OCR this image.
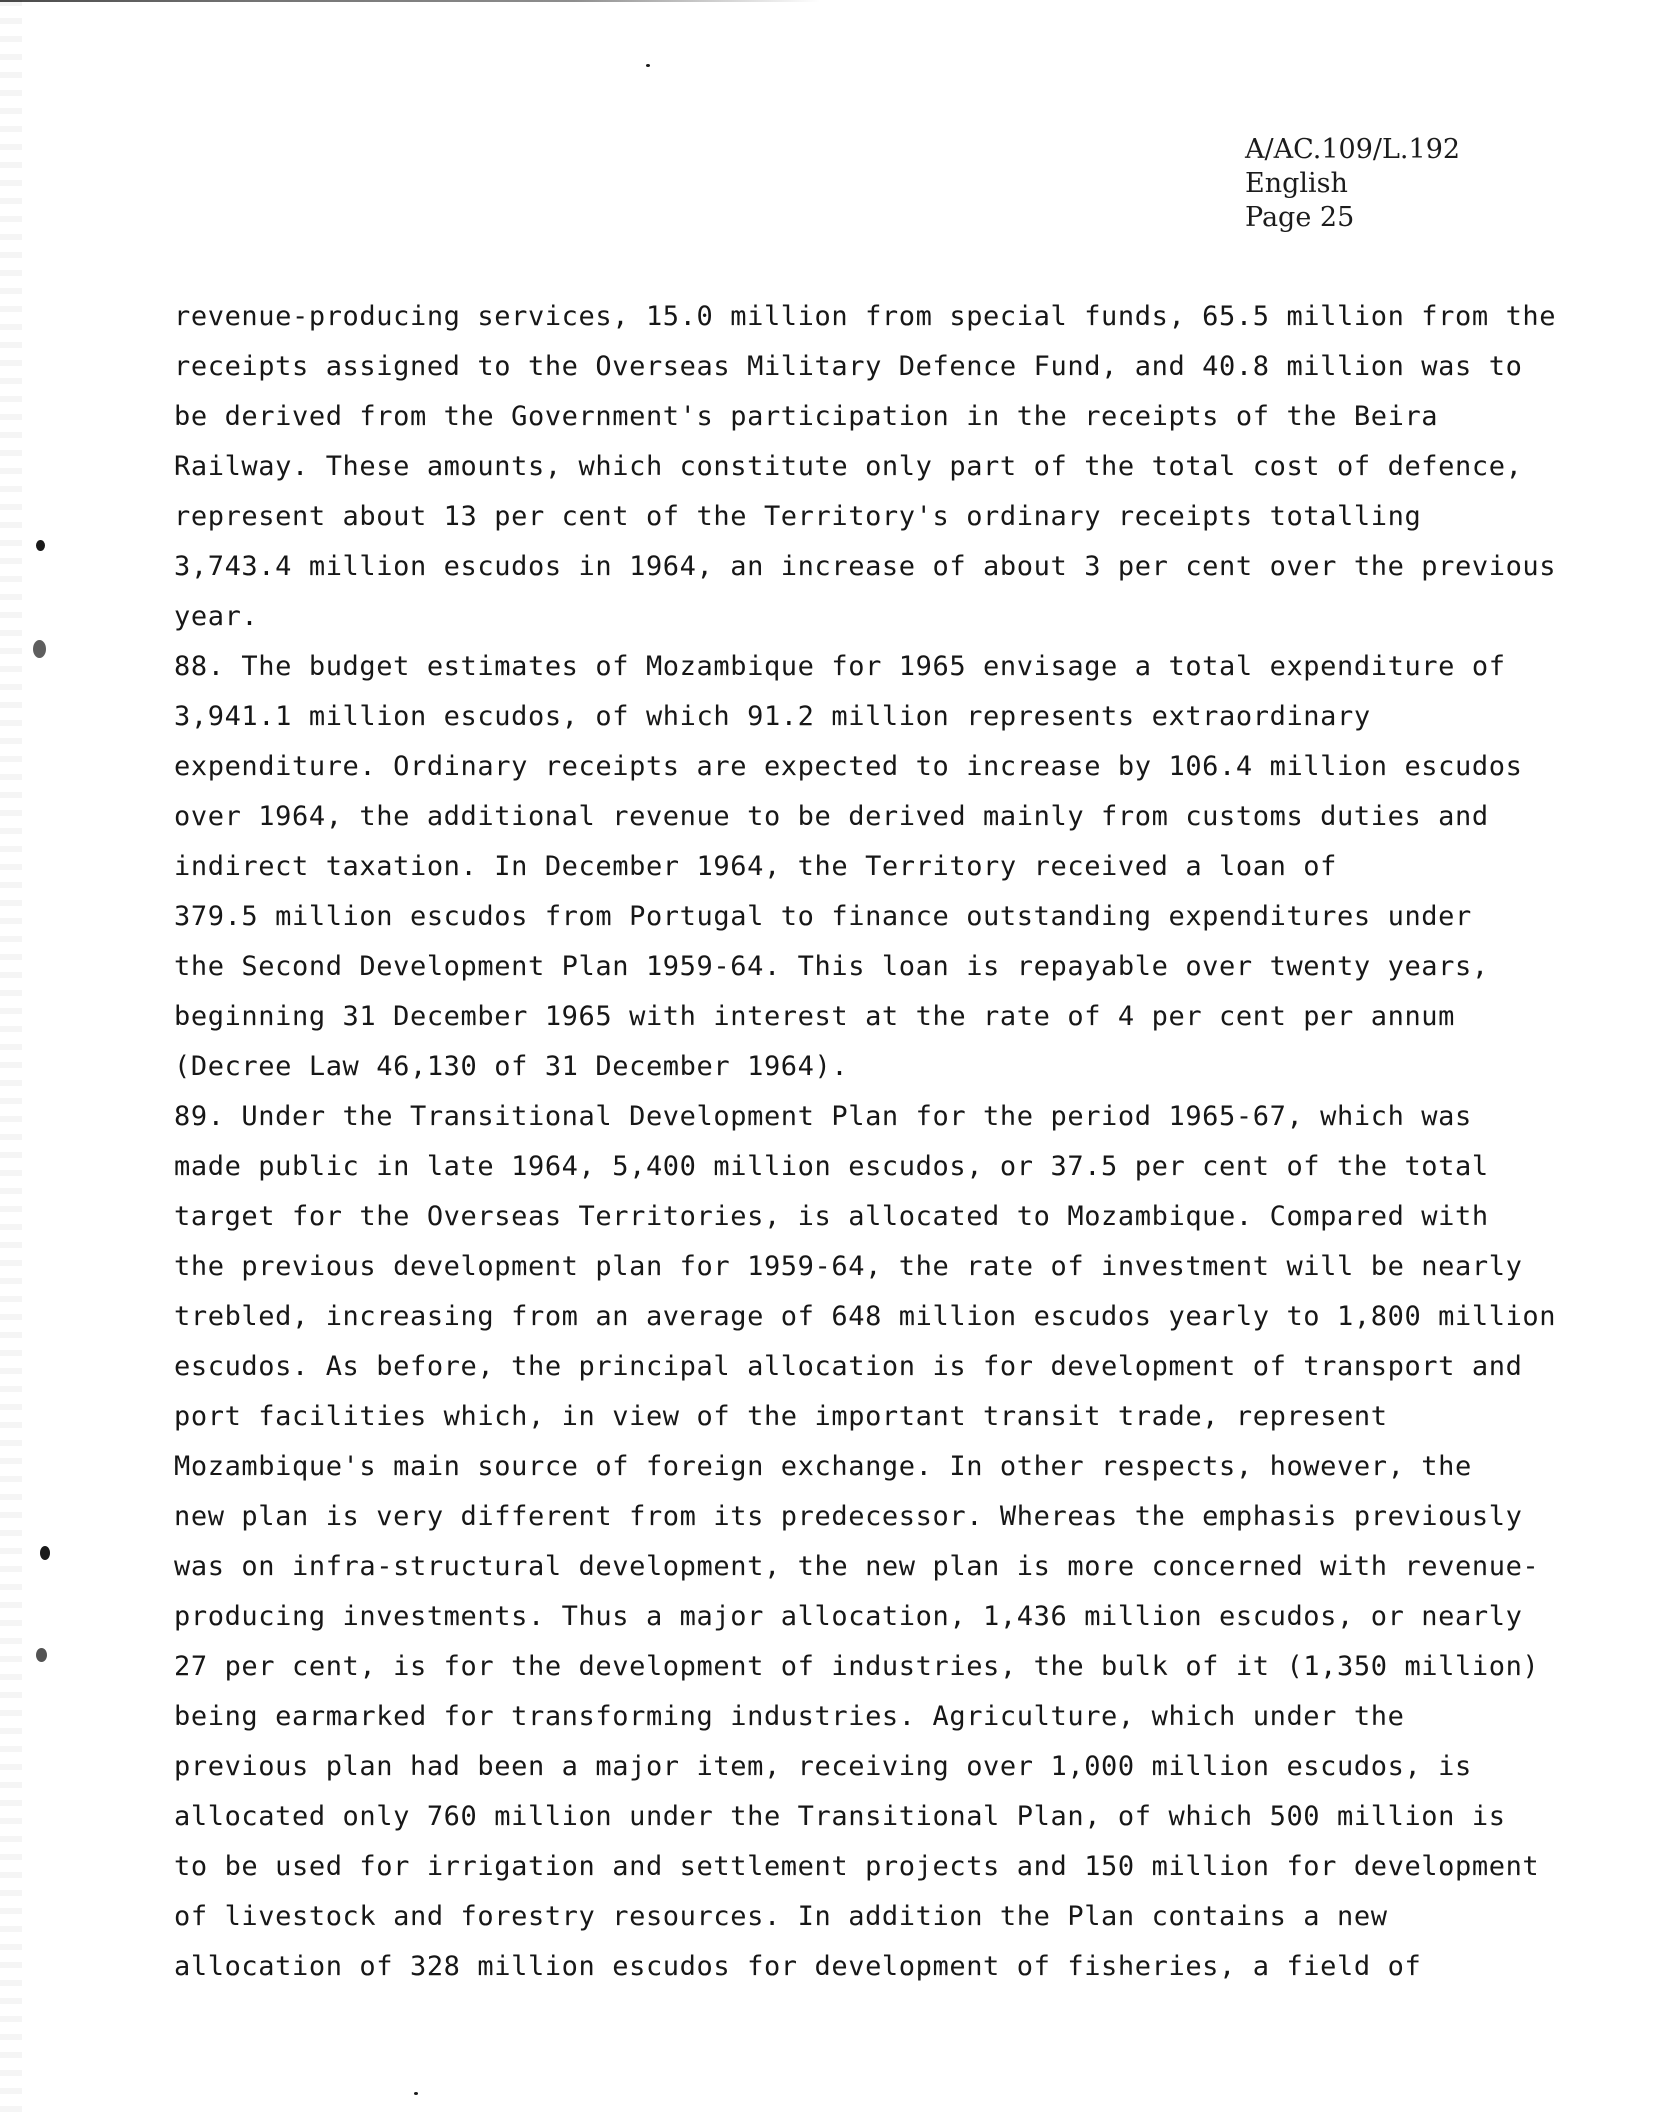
A/AC.109/L.192
English
Page 25
revenue-producing services, 15.0 million from special funds, 65.5 million from the
receipts assigned to the Overseas Military Defence Fund, and 40.8 million was to
be derived from the Government's participation in the receipts of the Beira
Railway. These amounts, which constitute only part of the total cost of defence,
represent about 13 per cent of the Territory's ordinary receipts totalling
3,743.4 million escudos in 1964, an increase of about 3 per cent over the previous
year.
88. The budget estimates of Mozambique for 1965 envisage a total expenditure of
3,941.1 million escudos, of which 91.2 million represents extraordinary
expenditure. Ordinary receipts are expected to increase by 106.4 million escudos
over 1964, the additional revenue to be derived mainly from customs duties and
indirect taxation. In December 1964, the Territory received a loan of
379.5 million escudos from Portugal to finance outstanding expenditures under
the Second Development Plan 1959-64. This loan is repayable over twenty years,
beginning 31 December 1965 with interest at the rate of 4 per cent per annum
(Decree Law 46,130 of 31 December 1964).
89. Under the Transitional Development Plan for the period 1965-67, which was
made public in late 1964, 5,400 million escudos, or 37.5 per cent of the total
target for the Overseas Territories, is allocated to Mozambique. Compared with
the previous development plan for 1959-64, the rate of investment will be nearly
trebled, increasing from an average of 648 million escudos yearly to 1,800 million
escudos. As before, the principal allocation is for development of transport and
port facilities which, in view of the important transit trade, represent
Mozambique's main source of foreign exchange. In other respects, however, the
new plan is very different from its predecessor. Whereas the emphasis previously
was on infra-structural development, the new plan is more concerned with revenue-
producing investments. Thus a major allocation, 1,436 million escudos, or nearly
27 per cent, is for the development of industries, the bulk of it (1,350 million)
being earmarked for transforming industries. Agriculture, which under the
previous plan had been a major item, receiving over 1,000 million escudos, is
allocated only 760 million under the Transitional Plan, of which 500 million is
to be used for irrigation and settlement projects and 150 million for development
of livestock and forestry resources. In addition the Plan contains a new
allocation of 328 million escudos for development of fisheries, a field of
